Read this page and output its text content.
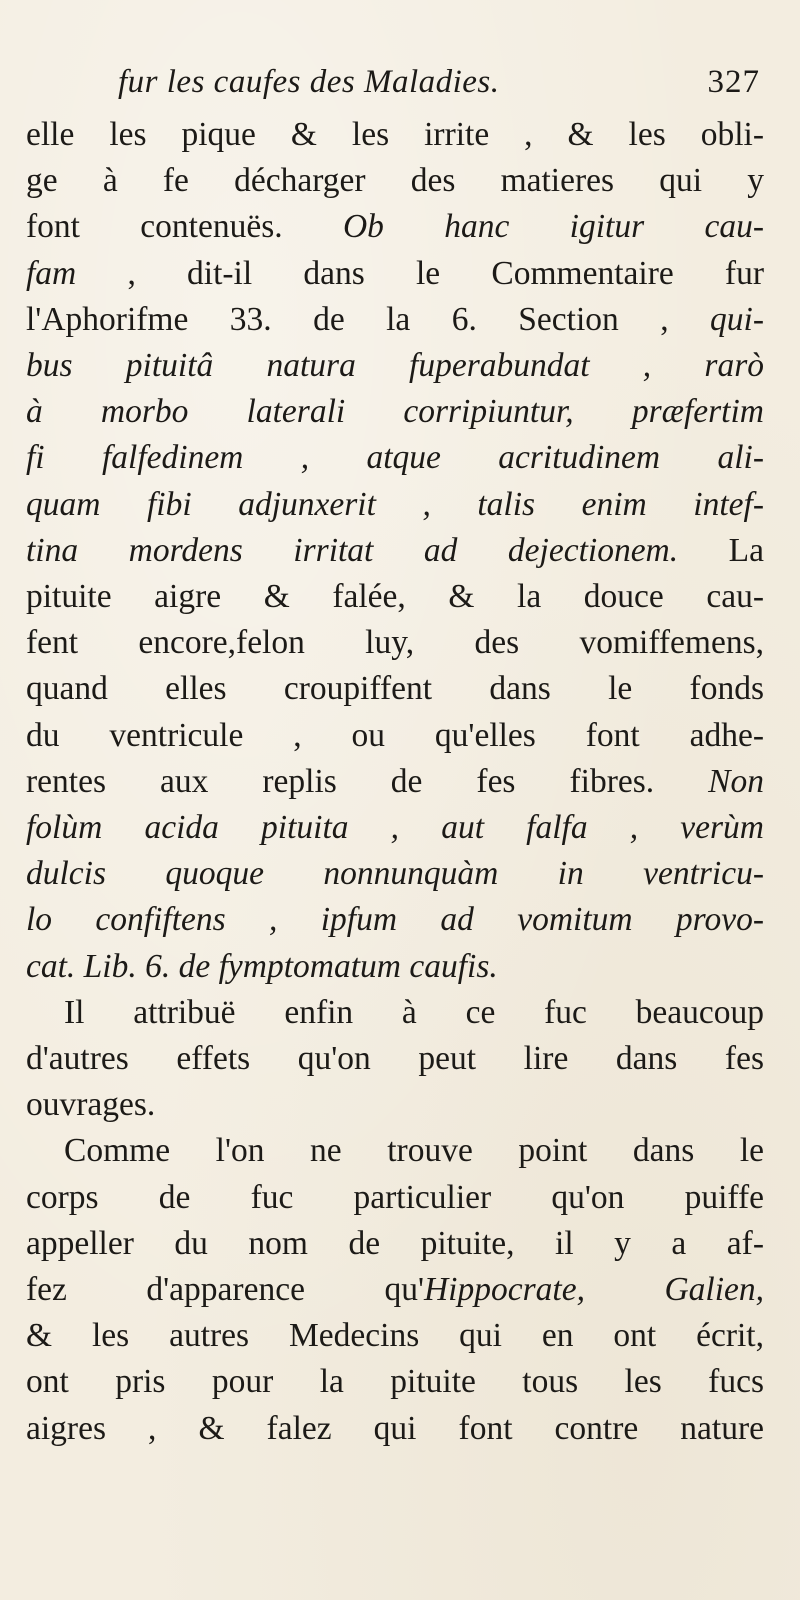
fur les caufes des Maladies.	327
elle les pique & les irrite , & les obli-
ge à fe décharger des matieres qui y
font contenuës. Ob hanc igitur cau-
fam , dit-il dans le Commentaire fur
l'Aphorifme 33. de la 6. Section , qui-
bus pituitâ natura fuperabundat , rarò
à morbo laterali corripiuntur, præfertim
fi falfedinem , atque acritudinem ali-
quam fibi adjunxerit , talis enim intef-
tina mordens irritat ad dejectionem. La
pituite aigre & falée, & la douce cau-
fent encore,felon luy, des vomiffemens,
quand elles croupiffent dans le fonds
du ventricule , ou qu'elles font adhe-
rentes aux replis de fes fibres. Non
folùm acida pituita , aut falfa , verùm
dulcis quoque nonnunquàm in ventricu-
lo confiftens , ipfum ad vomitum provo-
cat. Lib. 6. de fymptomatum caufis.
Il attribuë enfin à ce fuc beaucoup
d'autres effets qu'on peut lire dans fes
ouvrages.
Comme l'on ne trouve point dans le
corps de fuc particulier qu'on puiffe
appeller du nom de pituite, il y a af-
fez d'apparence qu'Hippocrate, Galien,
& les autres Medecins qui en ont écrit,
ont pris pour la pituite tous les fucs
aigres , & falez qui font contre nature
